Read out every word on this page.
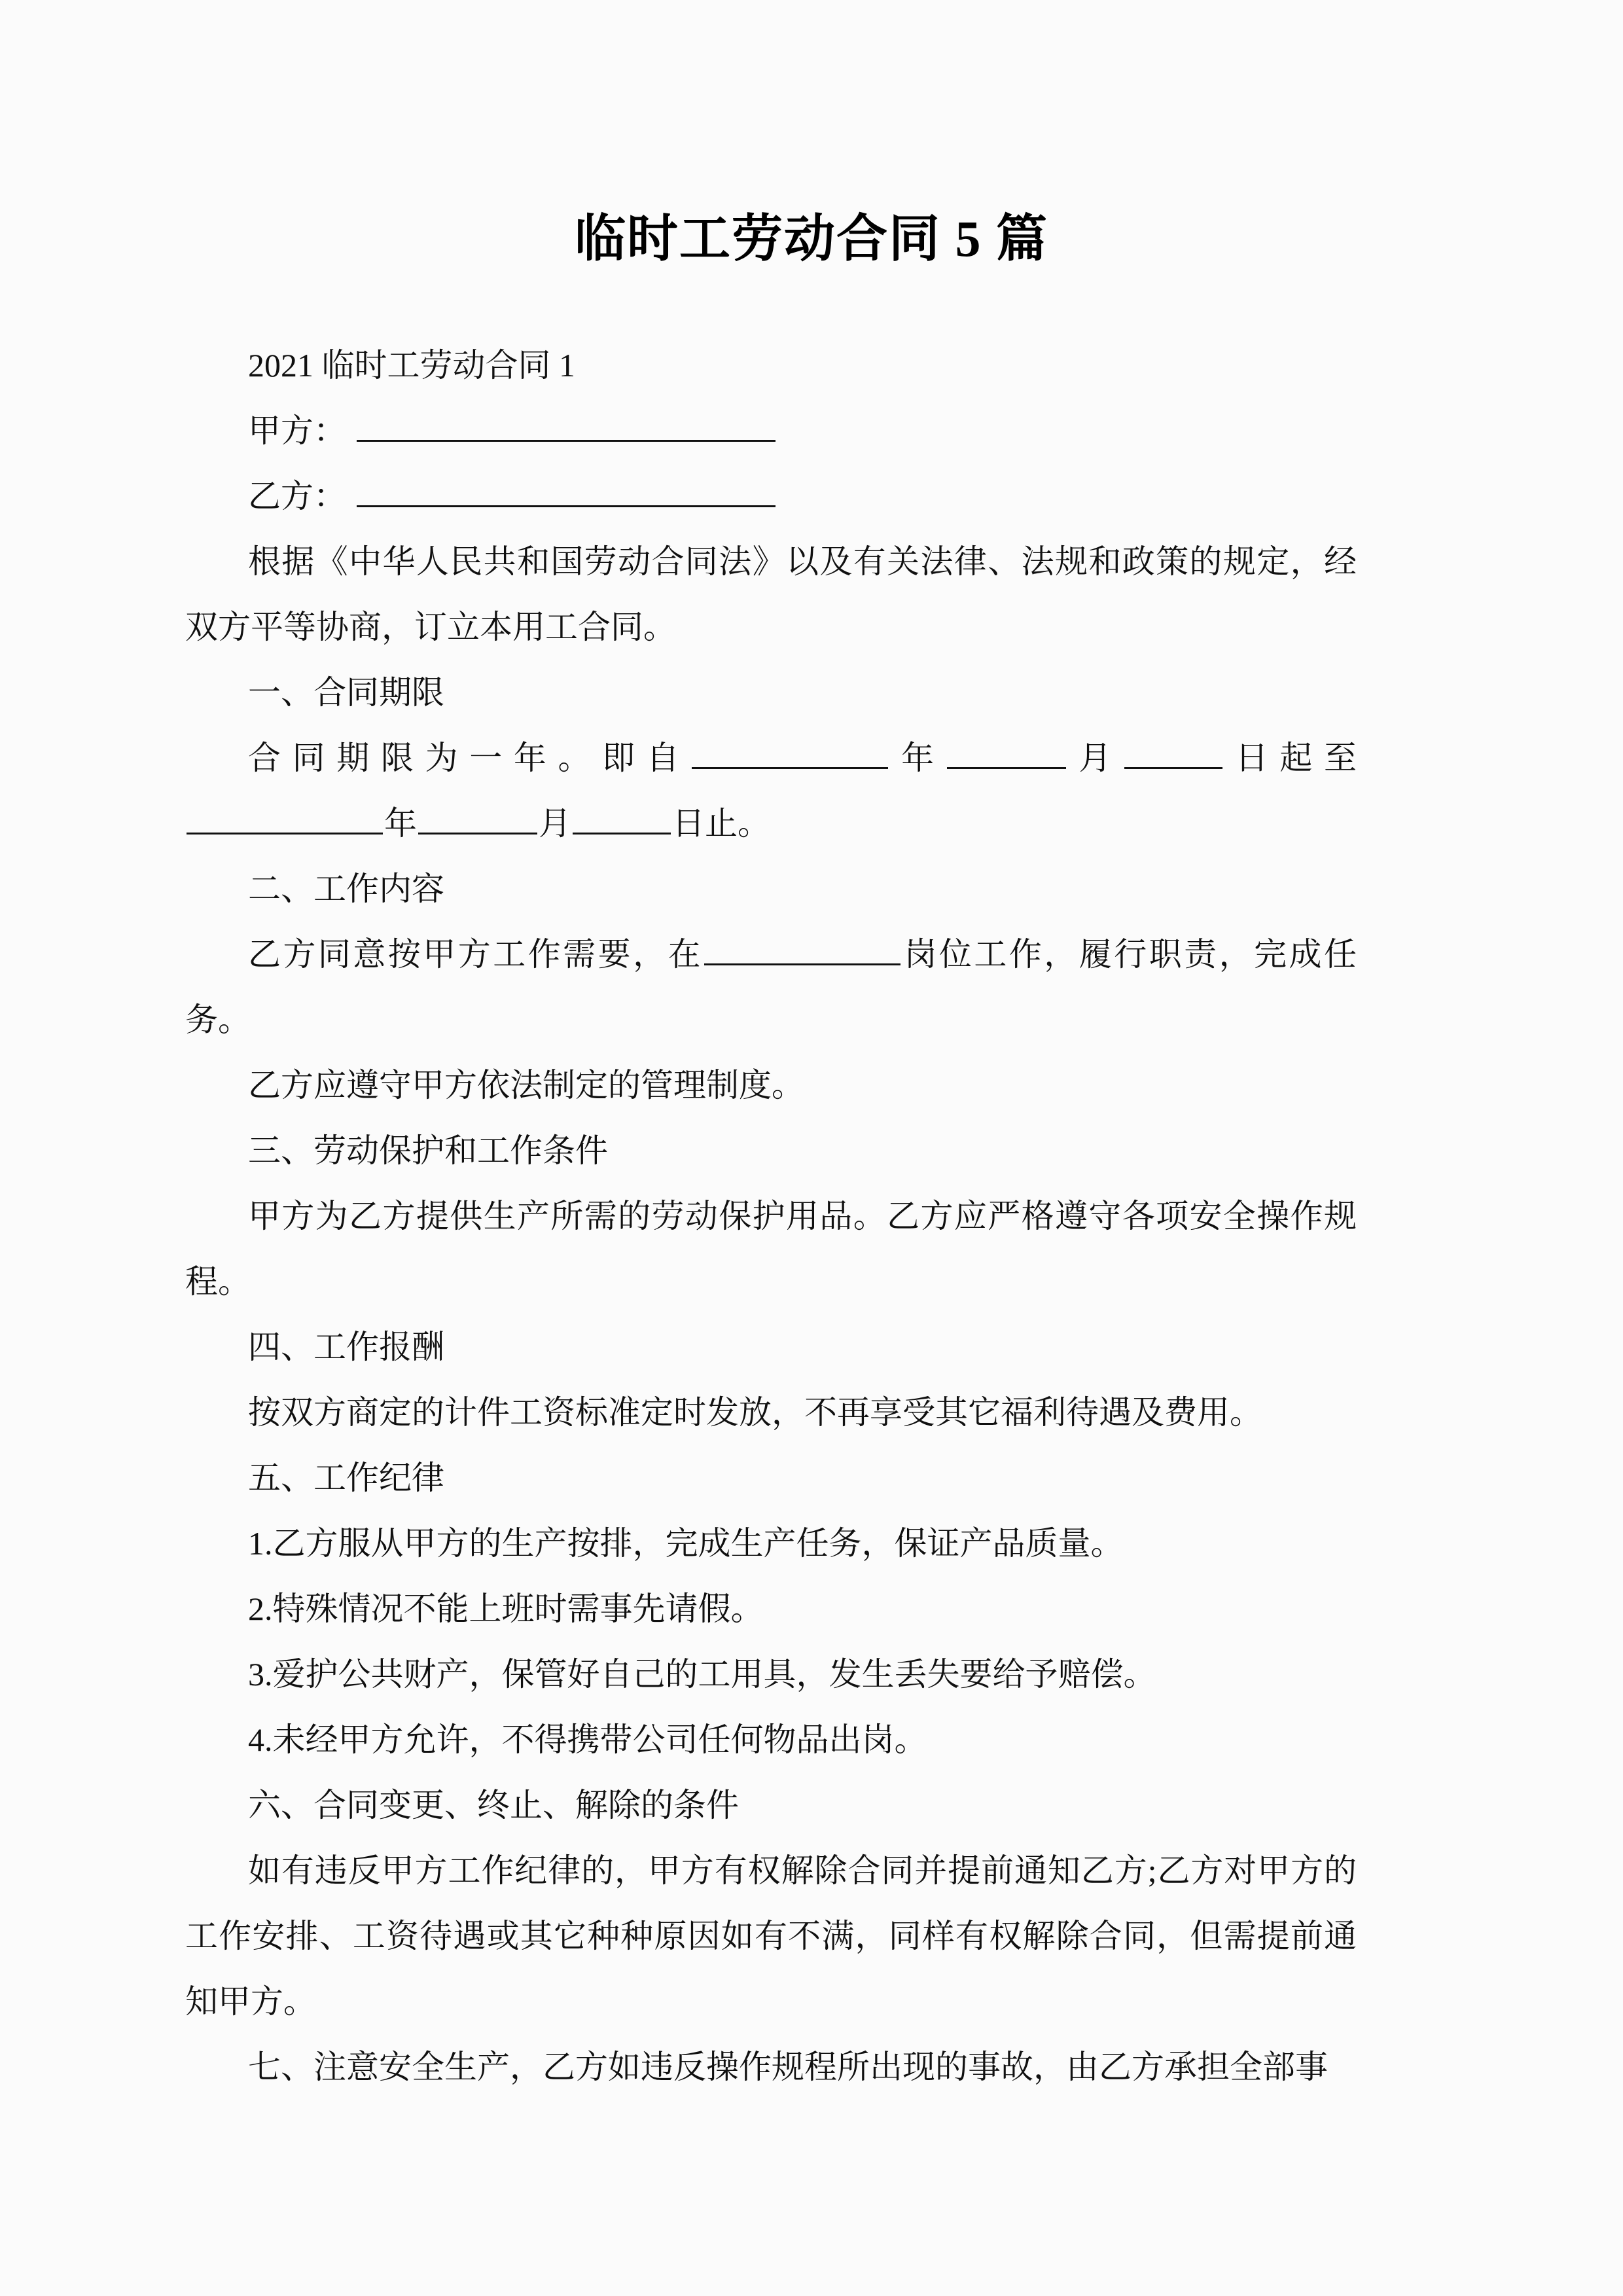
临时工劳动合同 5 篇

2021 临时工劳动合同 1

甲方：

乙方：

根据《中华人民共和国劳动合同法》以及有关法律、法规和政策的规定，经双方平等协商，订立本用工合同。

一、合同期限

合同期限为一年。即自	年	月	日起至年	月	日止。

二、工作内容

乙方同意按甲方工作需要，在	岗位工作，履行职责，完成任务。

乙方应遵守甲方依法制定的管理制度。

三、劳动保护和工作条件

甲方为乙方提供生产所需的劳动保护用品。乙方应严格遵守各项安全操作规程。

四、工作报酬

按双方商定的计件工资标准定时发放，不再享受其它福利待遇及费用。

五、工作纪律

1.乙方服从甲方的生产按排，完成生产任务，保证产品质量。

2.特殊情况不能上班时需事先请假。

3.爱护公共财产，保管好自己的工用具，发生丢失要给予赔偿。

4.未经甲方允许，不得携带公司任何物品出岗。

六、合同变更、终止、解除的条件

如有违反甲方工作纪律的，甲方有权解除合同并提前通知乙方;乙方对甲方的工作安排、工资待遇或其它种种原因如有不满，同样有权解除合同，但需提前通知甲方。

七、注意安全生产，乙方如违反操作规程所出现的事故，由乙方承担全部事
